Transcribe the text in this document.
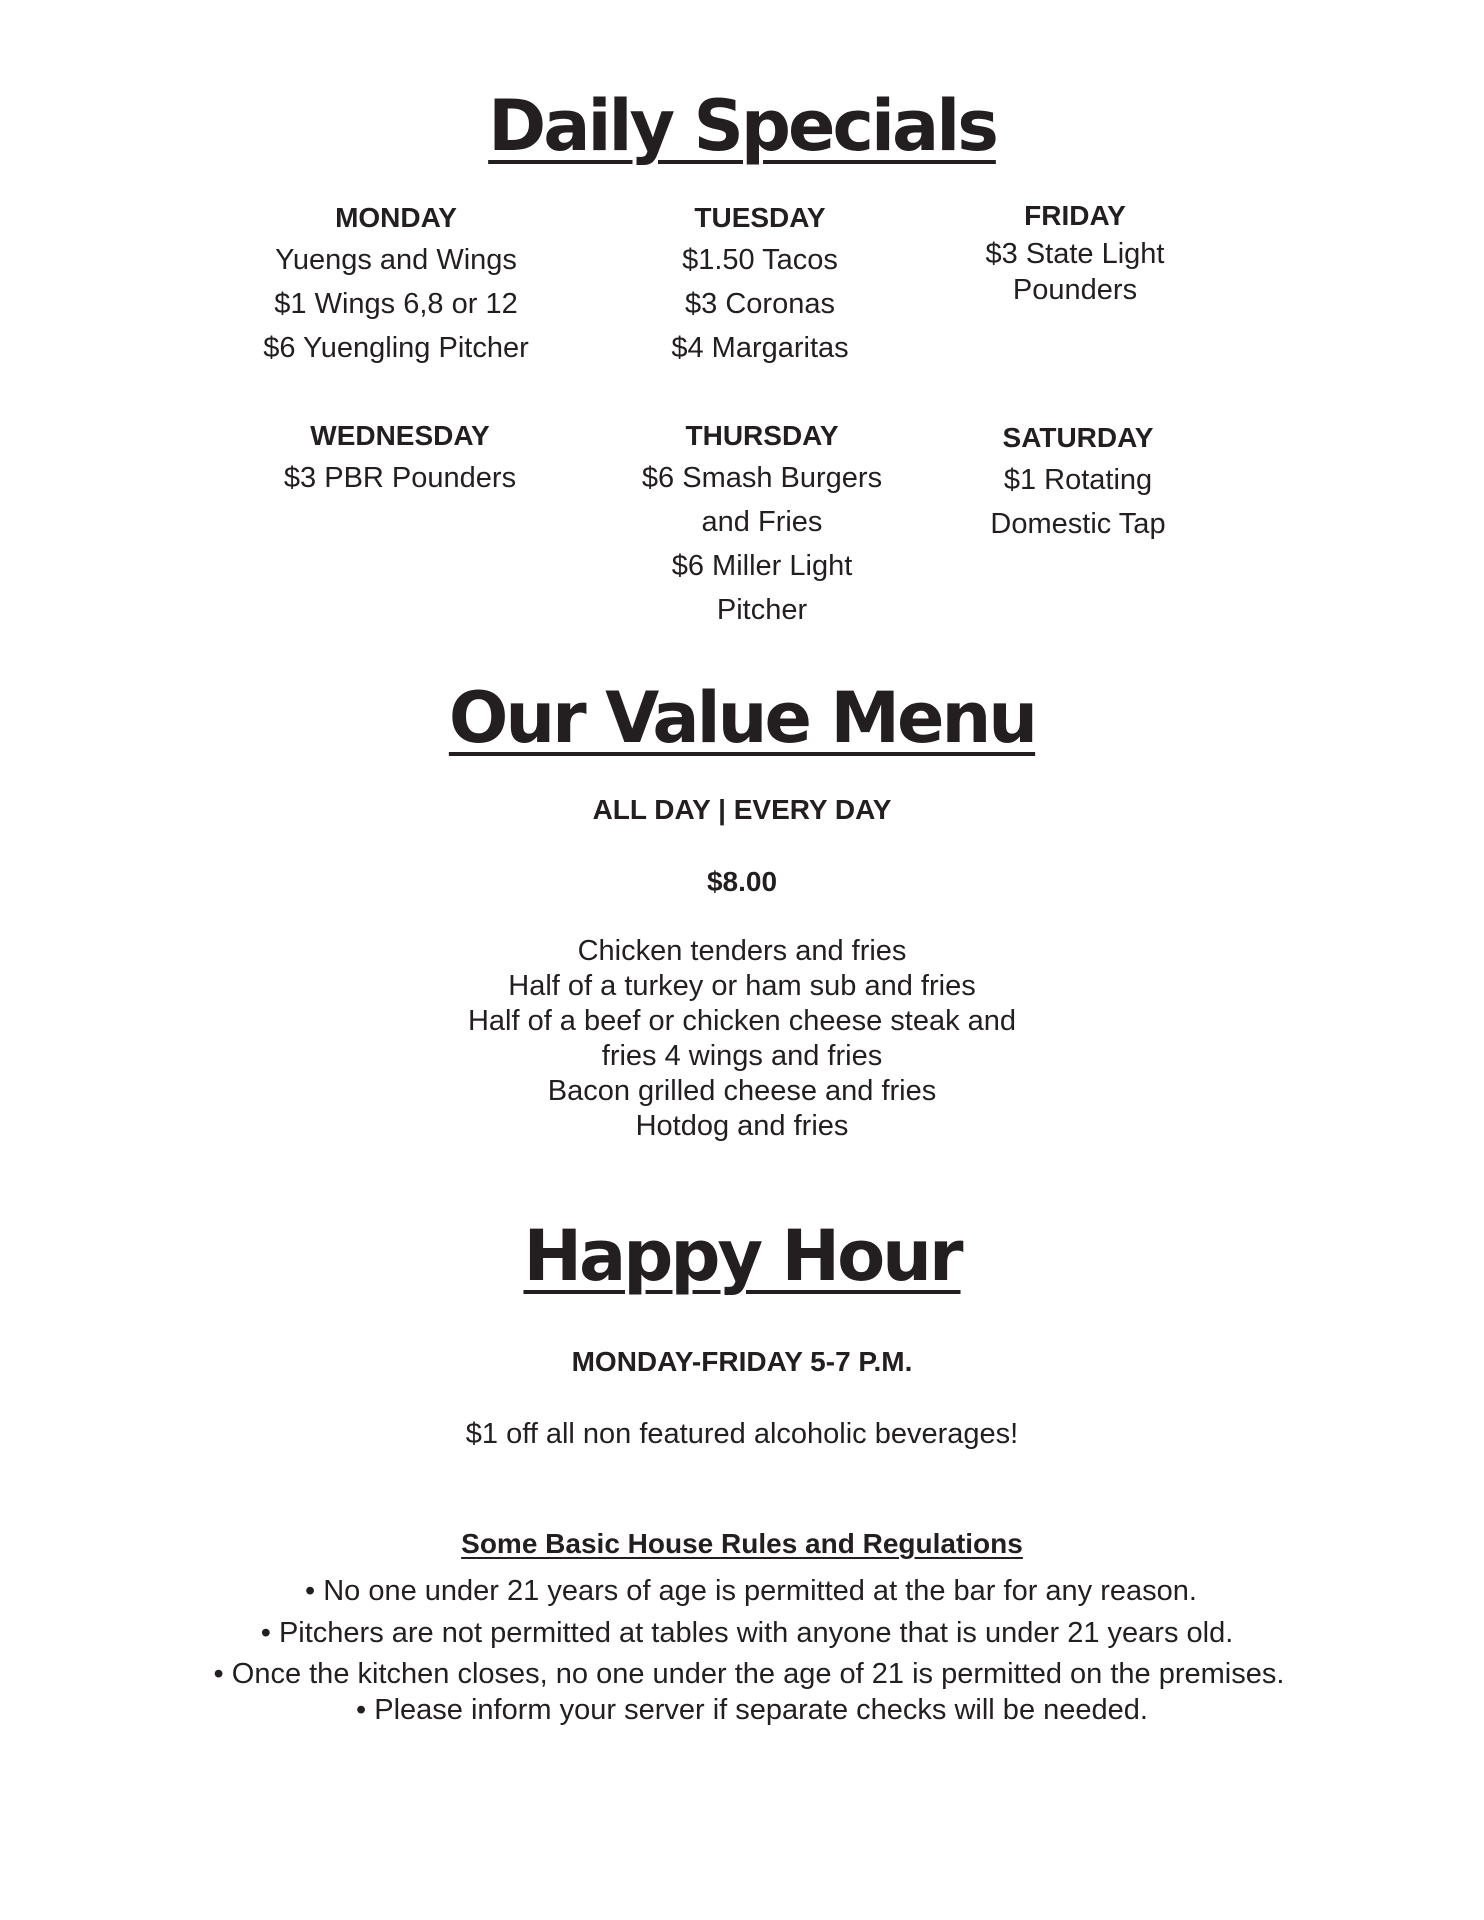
Daily Specials

MONDAY

Yuengs and Wings

$1 Wings 6,8 or 12

$6 Yuengling Pitcher

TUESDAY

$1.50 Tacos

$3 Coronas

$4 Margaritas

FRIDAY

$3 State Light

Pounders

WEDNESDAY

$3 PBR Pounders

THURSDAY

$6 Smash Burgers

and Fries

$6 Miller Light

Pitcher

SATURDAY

$1 Rotating

Domestic Tap

Our Value Menu
ALL DAY | EVERY DAY
$8.00
Chicken tenders and fries
Half of a turkey or ham sub and fries
Half of a beef or chicken cheese steak and
fries 4 wings and fries
Bacon grilled cheese and fries
Hotdog and fries
Happy Hour
MONDAY-FRIDAY 5-7 P.M.
$1 off all non featured alcoholic beverages!
Some Basic House Rules and Regulations
• No one under 21 years of age is permitted at the bar for any reason.
• Pitchers are not permitted at tables with anyone that is under 21 years old.
• Once the kitchen closes, no one under the age of 21 is permitted on the premises.
• Please inform your server if separate checks will be needed.
